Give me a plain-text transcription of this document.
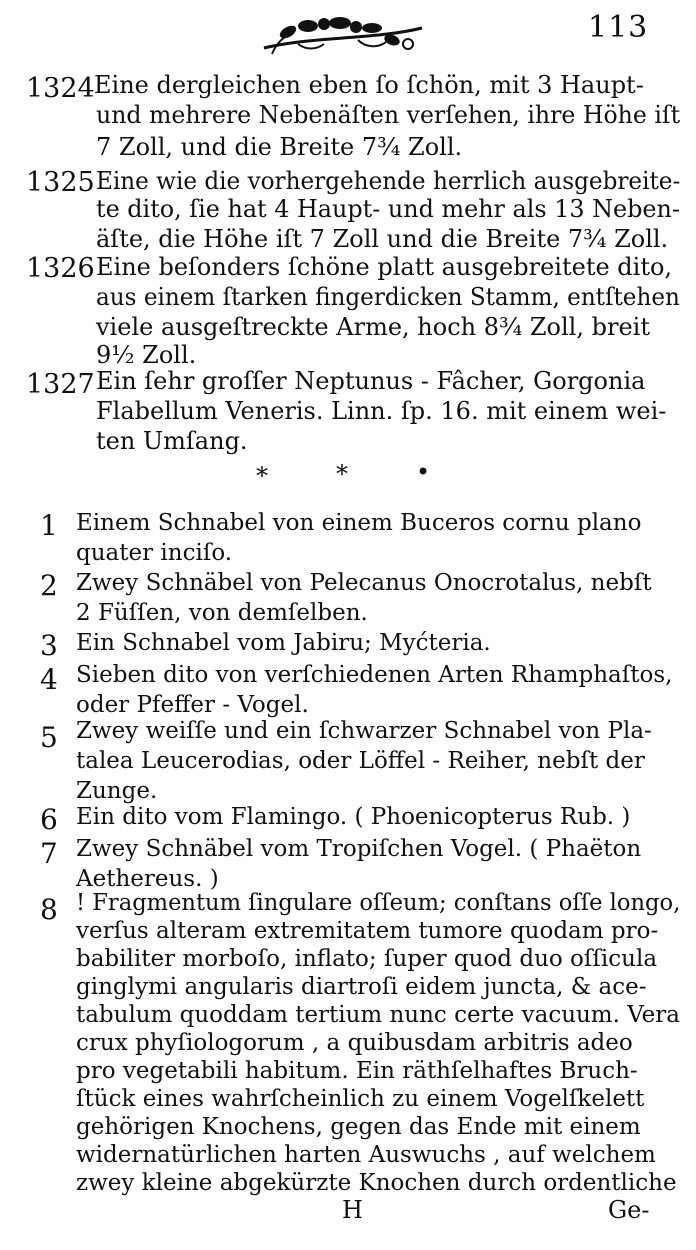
113
1324 Eine dergleichen eben ſo ſchön, mit 3 Haupt-
und mehrere Nebenäſten verſehen, ihre Höhe iſt
7 Zoll, und die Breite 7¾ Zoll.
1325 Eine wie die vorhergehende herrlich ausgebreite-
te dito, ſie hat 4 Haupt- und mehr als 13 Neben-
äſte, die Höhe iſt 7 Zoll und die Breite 7¾ Zoll.
1326 Eine beſonders ſchöne platt ausgebreitete dito,
aus einem ſtarken fingerdicken Stamm, entſtehen
viele ausgeſtreckte Arme, hoch 8¾ Zoll, breit
9½ Zoll.
1327 Ein ſehr groſſer Neptunus - Fâcher, Gorgonia
Flabellum Veneris. Linn. ſp. 16. mit einem wei-
ten Umſang.
*	*	•
1 Einem Schnabel von einem Buceros cornu plano
quater inciſo.
2 Zwey Schnäbel von Pelecanus Onocrotalus, nebſt
2 Füſſen, von demſelben.
3 Ein Schnabel vom Jabiru; Myćteria.
4 Sieben dito von verſchiedenen Arten Rhamphaſtos,
oder Pfeffer - Vogel.
5 Zwey weiſſe und ein ſchwarzer Schnabel von Pla-
talea Leucerodias, oder Löffel - Reiher, nebſt der
Zunge.
6 Ein dito vom Flamingo. ( Phoenicopterus Rub. )
7 Zwey Schnäbel vom Tropiſchen Vogel. ( Phaëton
Aethereus. )
8 ! Fragmentum ſingulare oſſeum; conſtans oſſe longo,
verſus alteram extremitatem tumore quodam pro-
babiliter morboſo, inflato; ſuper quod duo oſſicula
ginglymi angularis diartroſi eidem juncta, & ace-
tabulum quoddam tertium nunc certe vacuum. Vera
crux phyſiologorum , a quibusdam arbitris adeo
pro vegetabili habitum. Ein räthſelhaftes Bruch-
ſtück eines wahrſcheinlich zu einem Vogelſkelett
gehörigen Knochens, gegen das Ende mit einem
widernatürlichen harten Auswuchs , auf welchem
zwey kleine abgekürzte Knochen durch ordentliche
H	Ge-
